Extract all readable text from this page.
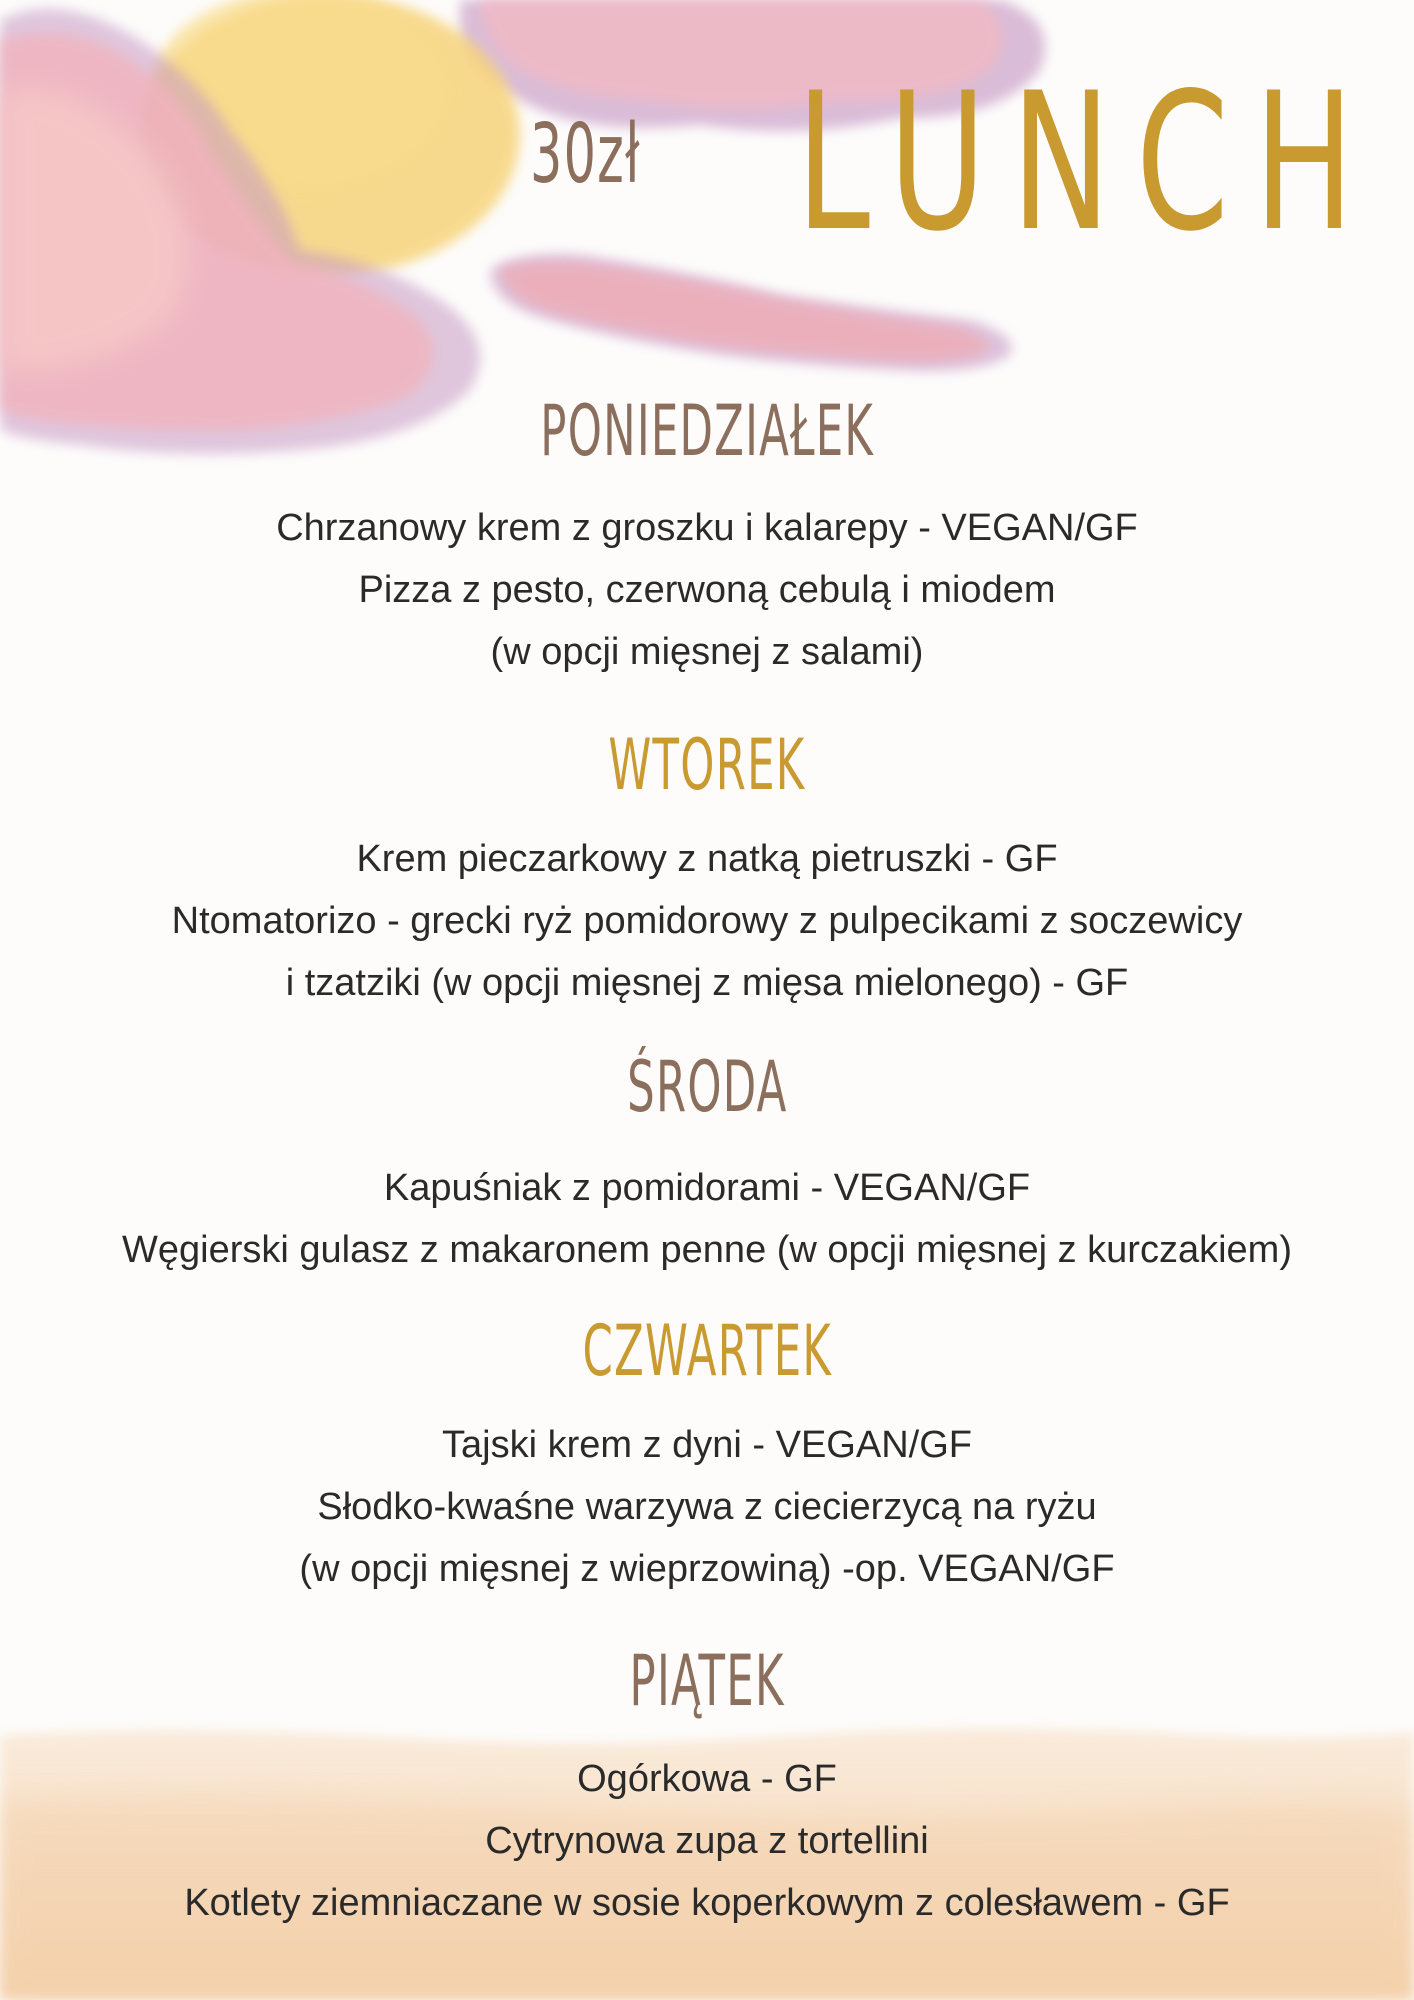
30zł LUNCH
PONIEDZIAŁEK
Chrzanowy krem z groszku i kalarepy - VEGAN/GF
Pizza z pesto, czerwoną cebulą i miodem
(w opcji mięsnej z salami)
WTOREK
Krem pieczarkowy z natką pietruszki - GF
Ntomatorizo - grecki ryż pomidorowy z pulpecikami z soczewicy
i tzatziki (w opcji mięsnej z mięsa mielonego) - GF
ŚRODA
Kapuśniak z pomidorami - VEGAN/GF
Węgierski gulasz z makaronem penne (w opcji mięsnej z kurczakiem)
CZWARTEK
Tajski krem z dyni - VEGAN/GF
Słodko-kwaśne warzywa z ciecierzycą na ryżu
(w opcji mięsnej z wieprzowiną) -op. VEGAN/GF
PIĄTEK
Ogórkowa - GF
Cytrynowa zupa z tortellini
Kotlety ziemniaczane w sosie koperkowym z colesławem - GF
